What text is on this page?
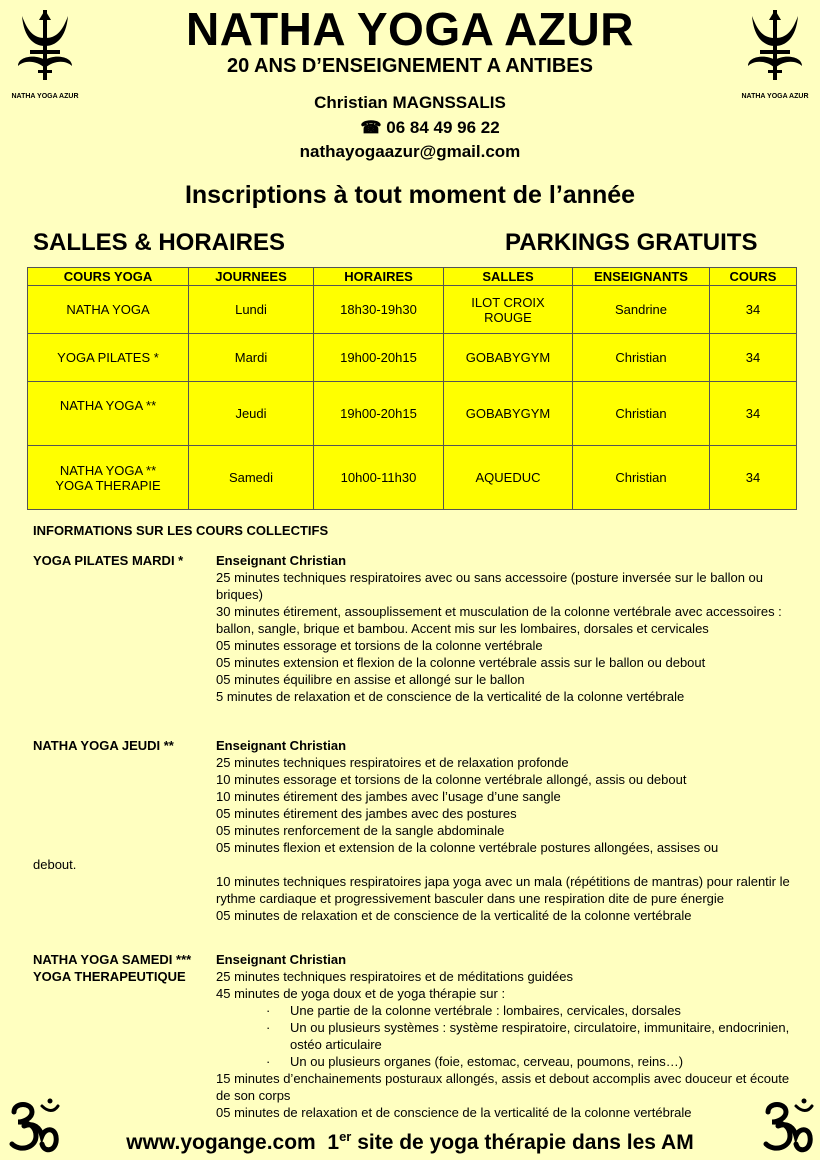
NATHA YOGA AZUR	NATHA YOGA AZUR
NATHA YOGA AZUR
20 ANS D’ENSEIGNEMENT A ANTIBES
Christian MAGNSSALIS
☎ 06 84 49 96 22
nathayogaazur@gmail.com
Inscriptions à tout moment de l’année
SALLES & HORAIRES	PARKINGS GRATUITS
COURS YOGA	JOURNEES	HORAIRES	SALLES	ENSEIGNANTS	COURS
NATHA YOGA	Lundi	18h30-19h30	ILOT CROIX ROUGE	Sandrine	34
YOGA PILATES *	Mardi	19h00-20h15	GOBABYGYM	Christian	34
NATHA YOGA **	Jeudi	19h00-20h15	GOBABYGYM	Christian	34

NATHA YOGA **
YOGA THERAPIE	Samedi	10h00-11h30	AQUEDUC	Christian	34
INFORMATIONS SUR LES COURS COLLECTIFS
YOGA PILATES MARDI *	Enseignant Christian
25 minutes techniques respiratoires avec ou sans accessoire (posture inversée sur le ballon ou briques)
30 minutes étirement, assouplissement et musculation de la colonne vertébrale avec accessoires : ballon, sangle, brique et bambou. Accent mis sur les lombaires, dorsales et cervicales
05 minutes essorage et torsions de la colonne vertébrale
05 minutes extension et flexion de la colonne vertébrale assis sur le ballon ou debout
05 minutes équilibre en assise et allongé sur le ballon
5 minutes de relaxation et de conscience de la verticalité de la colonne vertébrale
NATHA YOGA JEUDI **	Enseignant Christian
25 minutes techniques respiratoires et de relaxation profonde
10 minutes essorage et torsions de la colonne vertébrale allongé, assis ou debout
10 minutes étirement des jambes avec l’usage d’une sangle
05 minutes étirement des jambes avec des postures
05 minutes renforcement de la sangle abdominale
05 minutes flexion et extension de la colonne vertébrale postures allongées, assises ou
debout.
10 minutes techniques respiratoires japa yoga avec un mala (répétitions de mantras) pour ralentir le rythme cardiaque et progressivement basculer dans une respiration dite de pure énergie
05 minutes de relaxation et de conscience de la verticalité de la colonne vertébrale
NATHA YOGA SAMEDI ***
YOGA THERAPEUTIQUE
Enseignant Christian
25 minutes techniques respiratoires et de méditations guidées
45 minutes de yoga doux et de yoga thérapie sur :
· Une partie de la colonne vertébrale : lombaires, cervicales, dorsales
· Un ou plusieurs systèmes : système respiratoire, circulatoire, immunitaire, endocrinien, ostéo articulaire
· Un ou plusieurs organes (foie, estomac, cerveau, poumons, reins…)
15 minutes d’enchainements posturaux allongés, assis et debout accomplis avec douceur et écoute de son corps
05 minutes de relaxation et de conscience de la verticalité de la colonne vertébrale
www.yogange.com 1er site de yoga thérapie dans les AM
